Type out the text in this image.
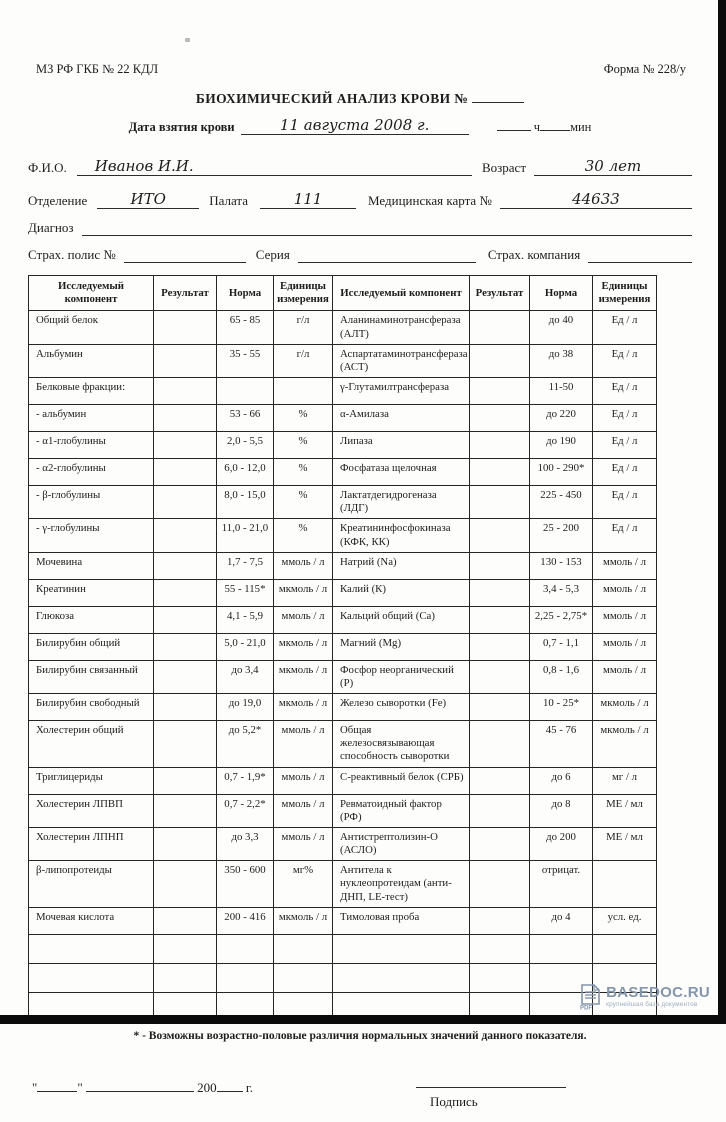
МЗ РФ ГКБ № 22 КДЛ	Форма № 228/у
БИОХИМИЧЕСКИЙ АНАЛИЗ КРОВИ №
Дата взятия крови	11 августа 2008 г.	ч мин
Ф.И.О.	Иванов И.И.	Возраст	30 лет
Отделение	ИТО	Палата	111	Медицинская карта №	44633
Диагноз
Страх. полис №	Серия	Страх. компания
Исследуемый компонент	Результат	Норма	Единицы измерения	Исследуемый компонент	Результат	Норма	Единицы измерения
Общий белок		65 - 85	г/л	Аланинаминотрансфераза (АЛТ)		до 40	Ед / л
Альбумин		35 - 55	г/л	Аспартатаминотрансфераза (АСТ)		до 38	Ед / л
Белковые фракции:				γ-Глутамилтрансфераза		11-50	Ед / л
- альбумин		53 - 66	%	α-Амилаза		до 220	Ед / л
- α1-глобулины		2,0 - 5,5	%	Липаза		до 190	Ед / л
- α2-глобулины		6,0 - 12,0	%	Фосфатаза щелочная		100 - 290*	Ед / л
- β-глобулины		8,0 - 15,0	%	Лактатдегидрогеназа (ЛДГ)		225 - 450	Ед / л
- γ-глобулины		11,0 - 21,0	%	Креатининфосфокиназа (КФК, КК)		25 - 200	Ед / л
Мочевина		1,7 - 7,5	ммоль / л	Натрий (Na)		130 - 153	ммоль / л
Креатинин		55 - 115*	мкмоль / л	Калий (К)		3,4 - 5,3	ммоль / л
Глюкоза		4,1 - 5,9	ммоль / л	Кальций общий (Са)		2,25 - 2,75*	ммоль / л
Билирубин общий		5,0 - 21,0	мкмоль / л	Магний (Mg)		0,7 - 1,1	ммоль / л
Билирубин связанный		до 3,4	мкмоль / л	Фосфор неорганический (Р)		0,8 - 1,6	ммоль / л
Билирубин свободный		до 19,0	мкмоль / л	Железо сыворотки (Fe)		10 - 25*	мкмоль / л
Холестерин общий		до 5,2*	ммоль / л	Общая железосвязывающая способность сыворотки		45 - 76	мкмоль / л
Триглицериды		0,7 - 1,9*	ммоль / л	С-реактивный белок (СРБ)		до 6	мг / л
Холестерин ЛПВП		0,7 - 2,2*	ммоль / л	Ревматоидный фактор (РФ)		до 8	МЕ / мл
Холестерин ЛПНП		до 3,3	ммоль / л	Антистрептолизин-О (АСЛО)		до 200	МЕ / мл
β-липопротеиды		350 - 600	мг%	Антитела к нуклеопротеидам (анти-ДНП, LE-тест)		отрицат.	
Мочевая кислота		200 - 416	мкмоль / л	Тимоловая проба		до 4	усл. ед.

* - Возможны возрастно-половые различия нормальных значений данного показателя.
"	"	200 г.
Подпись
PDF
BASEDOC.RU
крупнейшая база документов
